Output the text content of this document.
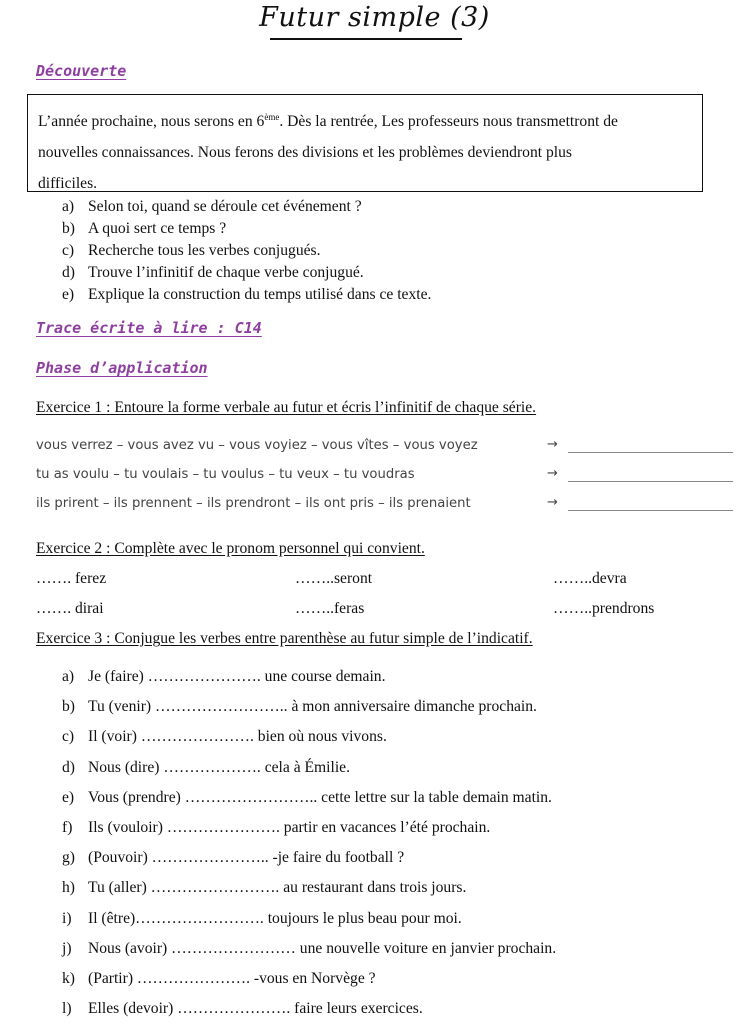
Futur simple (3)
Découverte
L’année prochaine, nous serons en 6ème. Dès la rentrée, Les professeurs nous transmettront de
nouvelles connaissances. Nous ferons des divisions et les problèmes deviendront plus
difficiles.
a) Selon toi, quand se déroule cet événement ?
b) A quoi sert ce temps ?
c) Recherche tous les verbes conjugués.
d) Trouve l’infinitif de chaque verbe conjugué.
e) Explique la construction du temps utilisé dans ce texte.
Trace écrite à lire : C14
Phase d’application
Exercice 1 : Entoure la forme verbale au futur et écris l’infinitif de chaque série.
vous verrez – vous avez vu – vous voyiez – vous vîtes – vous voyez	→
tu as voulu – tu voulais – tu voulus – tu veux – tu voudras	→
ils prirent – ils prennent – ils prendront – ils ont pris – ils prenaient	→
Exercice 2 : Complète avec le pronom personnel qui convient.
……. ferez	……..seront	……..devra
……. dirai	……..feras	……..prendrons
Exercice 3 : Conjugue les verbes entre parenthèse au futur simple de l’indicatif.
a) Je (faire) …………………. une course demain.
b) Tu (venir) …………………….. à mon anniversaire dimanche prochain.
c) Il (voir) …………………. bien où nous vivons.
d) Nous (dire) ………………. cela à Émilie.
e) Vous (prendre) …………………….. cette lettre sur la table demain matin.
f) Ils (vouloir) …………………. partir en vacances l’été prochain.
g) (Pouvoir) ………………….. -je faire du football ?
h) Tu (aller) ……………………. au restaurant dans trois jours.
i) Il (être)……………………. toujours le plus beau pour moi.
j) Nous (avoir) …………………… une nouvelle voiture en janvier prochain.
k) (Partir) …………………. -vous en Norvège ?
l) Elles (devoir) …………………. faire leurs exercices.
